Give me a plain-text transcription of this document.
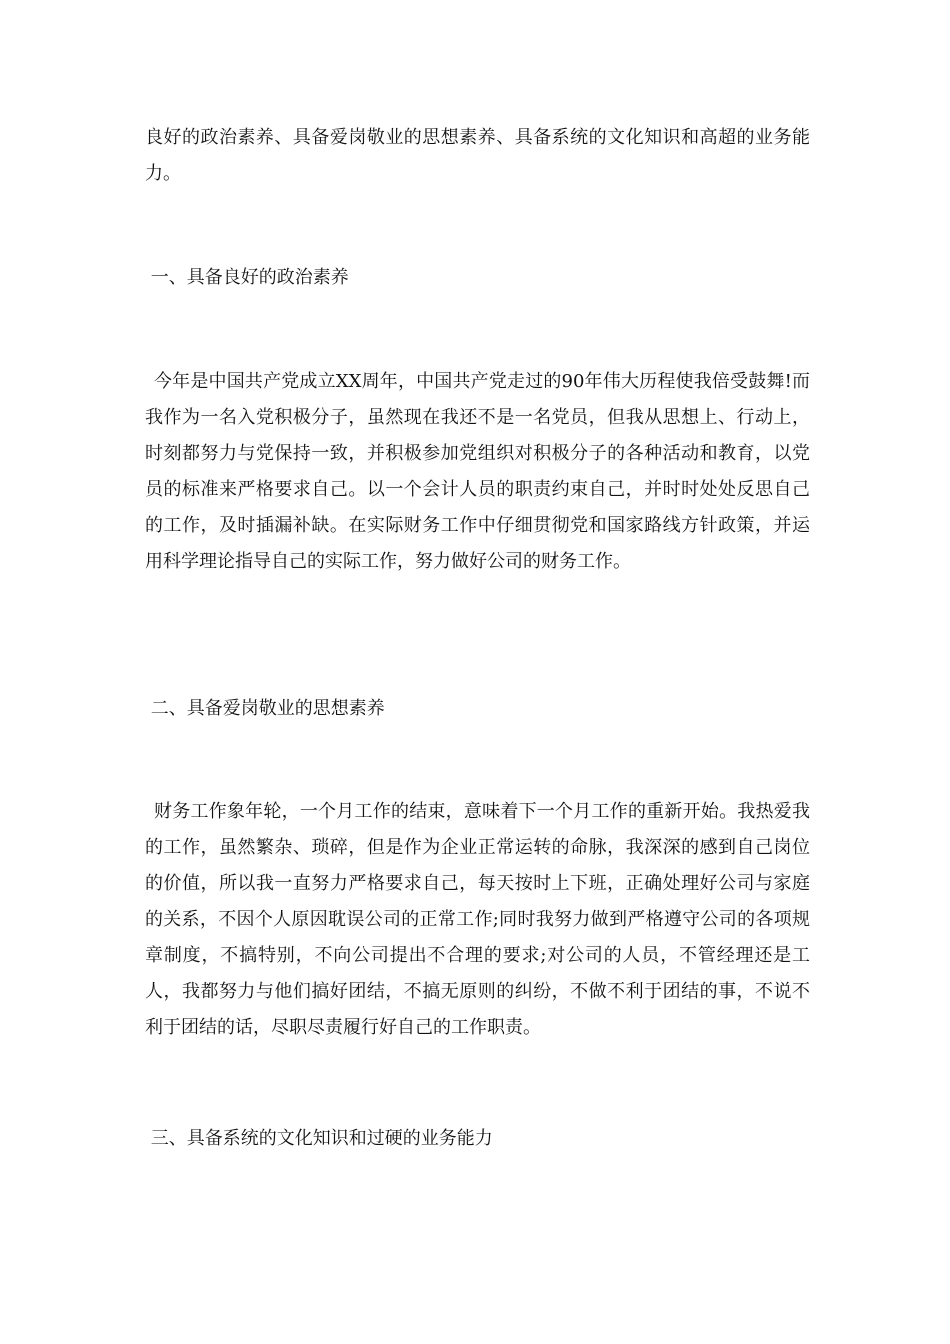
良好的政治素养、具备爱岗敬业的思想素养、具备系统的文化知识和高超的业务能力。

一、具备良好的政治素养

今年是中国共产党成立XX周年，中国共产党走过的90年伟大历程使我倍受鼓舞!而我作为一名入党积极分子，虽然现在我还不是一名党员，但我从思想上、行动上，时刻都努力与党保持一致，并积极参加党组织对积极分子的各种活动和教育，以党员的标准来严格要求自己。以一个会计人员的职责约束自己，并时时处处反思自己的工作，及时插漏补缺。在实际财务工作中仔细贯彻党和国家路线方针政策，并运用科学理论指导自己的实际工作，努力做好公司的财务工作。

二、具备爱岗敬业的思想素养

财务工作象年轮，一个月工作的结束，意味着下一个月工作的重新开始。我热爱我的工作，虽然繁杂、琐碎，但是作为企业正常运转的命脉，我深深的感到自己岗位的价值，所以我一直努力严格要求自己，每天按时上下班，正确处理好公司与家庭的关系，不因个人原因耽误公司的正常工作;同时我努力做到严格遵守公司的各项规章制度，不搞特别，不向公司提出不合理的要求;对公司的人员，不管经理还是工人，我都努力与他们搞好团结，不搞无原则的纠纷，不做不利于团结的事，不说不利于团结的话，尽职尽责履行好自己的工作职责。

三、具备系统的文化知识和过硬的业务能力
